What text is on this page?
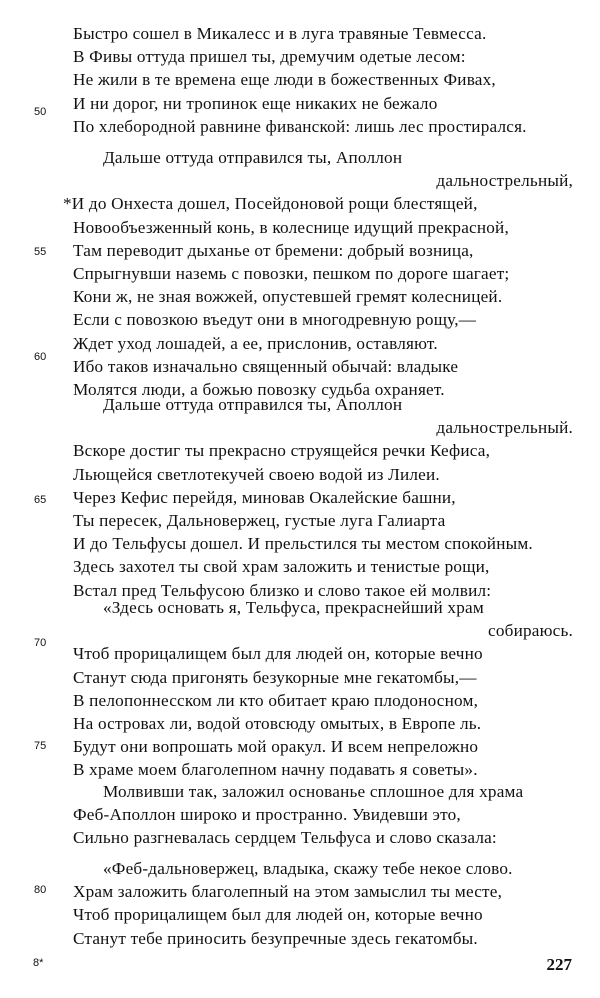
Быстро сошел в Микалесс и в луга травяные Тевмесса.
В Фивы оттуда пришел ты, дремучим одетые лесом:
Не жили в те времена еще люди в божественных Фивах,
И ни дорог, ни тропинок еще никаких не бежало
По хлебородной равнине фиванской: лишь лес простирался.
Дальше оттуда отправился ты, Аполлон
дальнострельный,
*И до Онхеста дошел, Посейдоновой рощи блестящей,
Новообъезженный конь, в колеснице идущий прекрасной,
Там переводит дыханье от бремени: добрый возница,
Спрыгнувши наземь с повозки, пешком по дороге шагает;
Кони ж, не зная вожжей, опустевшей гремят колесницей.
Если с повозкою въедут они в многодревную рощу,—
Ждет уход лошадей, а ее, прислонив, оставляют.
Ибо таков изначально священный обычай: владыке
Молятся люди, а божью повозку судьба охраняет.
Дальше оттуда отправился ты, Аполлон
дальнострельный.
Вскоре достиг ты прекрасно струящейся речки Кефиса,
Льющейся светлотекучей своею водой из Лилеи.
Через Кефис перейдя, миновав Окалейские башни,
Ты пересек, Дальновержец, густые луга Галиарта
И до Тельфусы дошел. И прельстился ты местом спокойным.
Здесь захотел ты свой храм заложить и тенистые рощи,
Встал пред Тельфусою близко и слово такое ей молвил:
«Здесь основать я, Тельфуса, прекраснейший храм
собираюсь.
Чтоб прорицалищем был для людей он, которые вечно
Станут сюда пригонять безукорные мне гекатомбы,—
В пелопоннесском ли кто обитает краю плодоносном,
На островах ли, водой отовсюду омытых, в Европе ль.
Будут они вопрошать мой оракул. И всем непреложно
В храме моем благолепном начну подавать я советы».
Молвивши так, заложил основанье сплошное для храма
Феб-Аполлон широко и пространно. Увидевши это,
Сильно разгневалась сердцем Тельфуса и слово сказала:
«Феб-дальновержец, владыка, скажу тебе некое слово.
Храм заложить благолепный на этом замыслил ты месте,
Чтоб прорицалищем был для людей он, которые вечно
Станут тебе приносить безупречные здесь гекатомбы.
50
55
60
65
70
75
80
8*	227
